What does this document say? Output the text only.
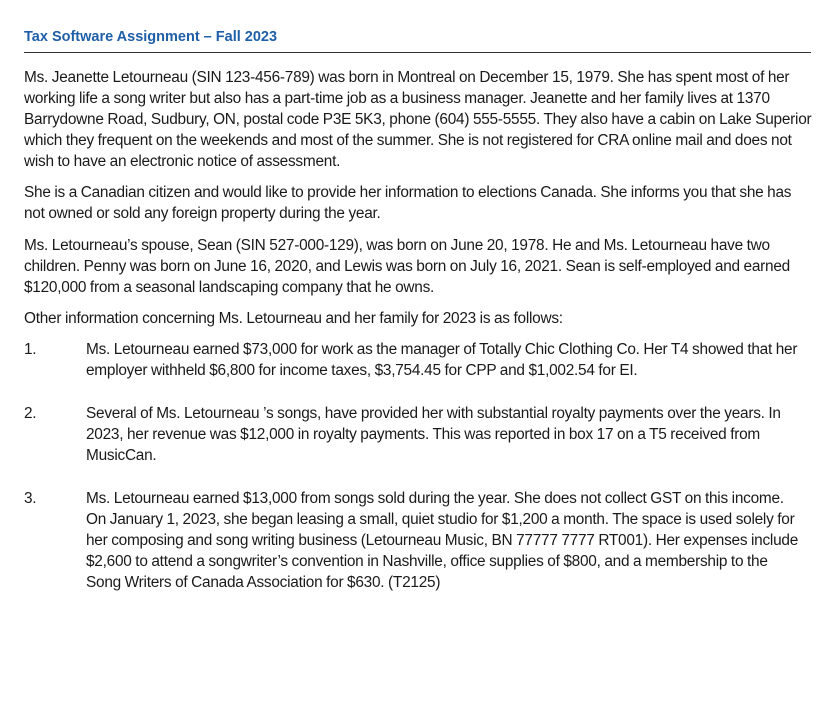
Tax Software Assignment – Fall 2023

Ms. Jeanette Letourneau (SIN 123-456-789) was born in Montreal on December 15, 1979. She has spent most of her working life a song writer but also has a part-time job as a business manager. Jeanette and her family lives at 1370 Barrydowne Road, Sudbury, ON, postal code P3E 5K3, phone (604) 555-5555. They also have a cabin on Lake Superior which they frequent on the weekends and most of the summer. She is not registered for CRA online mail and does not wish to have an electronic notice of assessment.

She is a Canadian citizen and would like to provide her information to elections Canada. She informs you that she has not owned or sold any foreign property during the year.

Ms. Letourneau’s spouse, Sean (SIN 527-000-129), was born on June 20, 1978. He and Ms. Letourneau have two children. Penny was born on June 16, 2020, and Lewis was born on July 16, 2021. Sean is self-employed and earned $120,000 from a seasonal landscaping company that he owns.

Other information concerning Ms. Letourneau and her family for 2023 is as follows:

1.	Ms. Letourneau earned $73,000 for work as the manager of Totally Chic Clothing Co. Her T4 showed that her employer withheld $6,800 for income taxes, $3,754.45 for CPP and $1,002.54 for EI.
2.	Several of Ms. Letourneau ’s songs, have provided her with substantial royalty payments over the years. In 2023, her revenue was $12,000 in royalty payments. This was reported in box 17 on a T5 received from MusicCan.
3.	Ms. Letourneau earned $13,000 from songs sold during the year. She does not collect GST on this income. On January 1, 2023, she began leasing a small, quiet studio for $1,200 a month. The space is used solely for her composing and song writing business (Letourneau Music, BN 77777 7777 RT001). Her expenses include $2,600 to attend a songwriter’s convention in Nashville, office supplies of $800, and a membership to the Song Writers of Canada Association for $630. (T2125)
